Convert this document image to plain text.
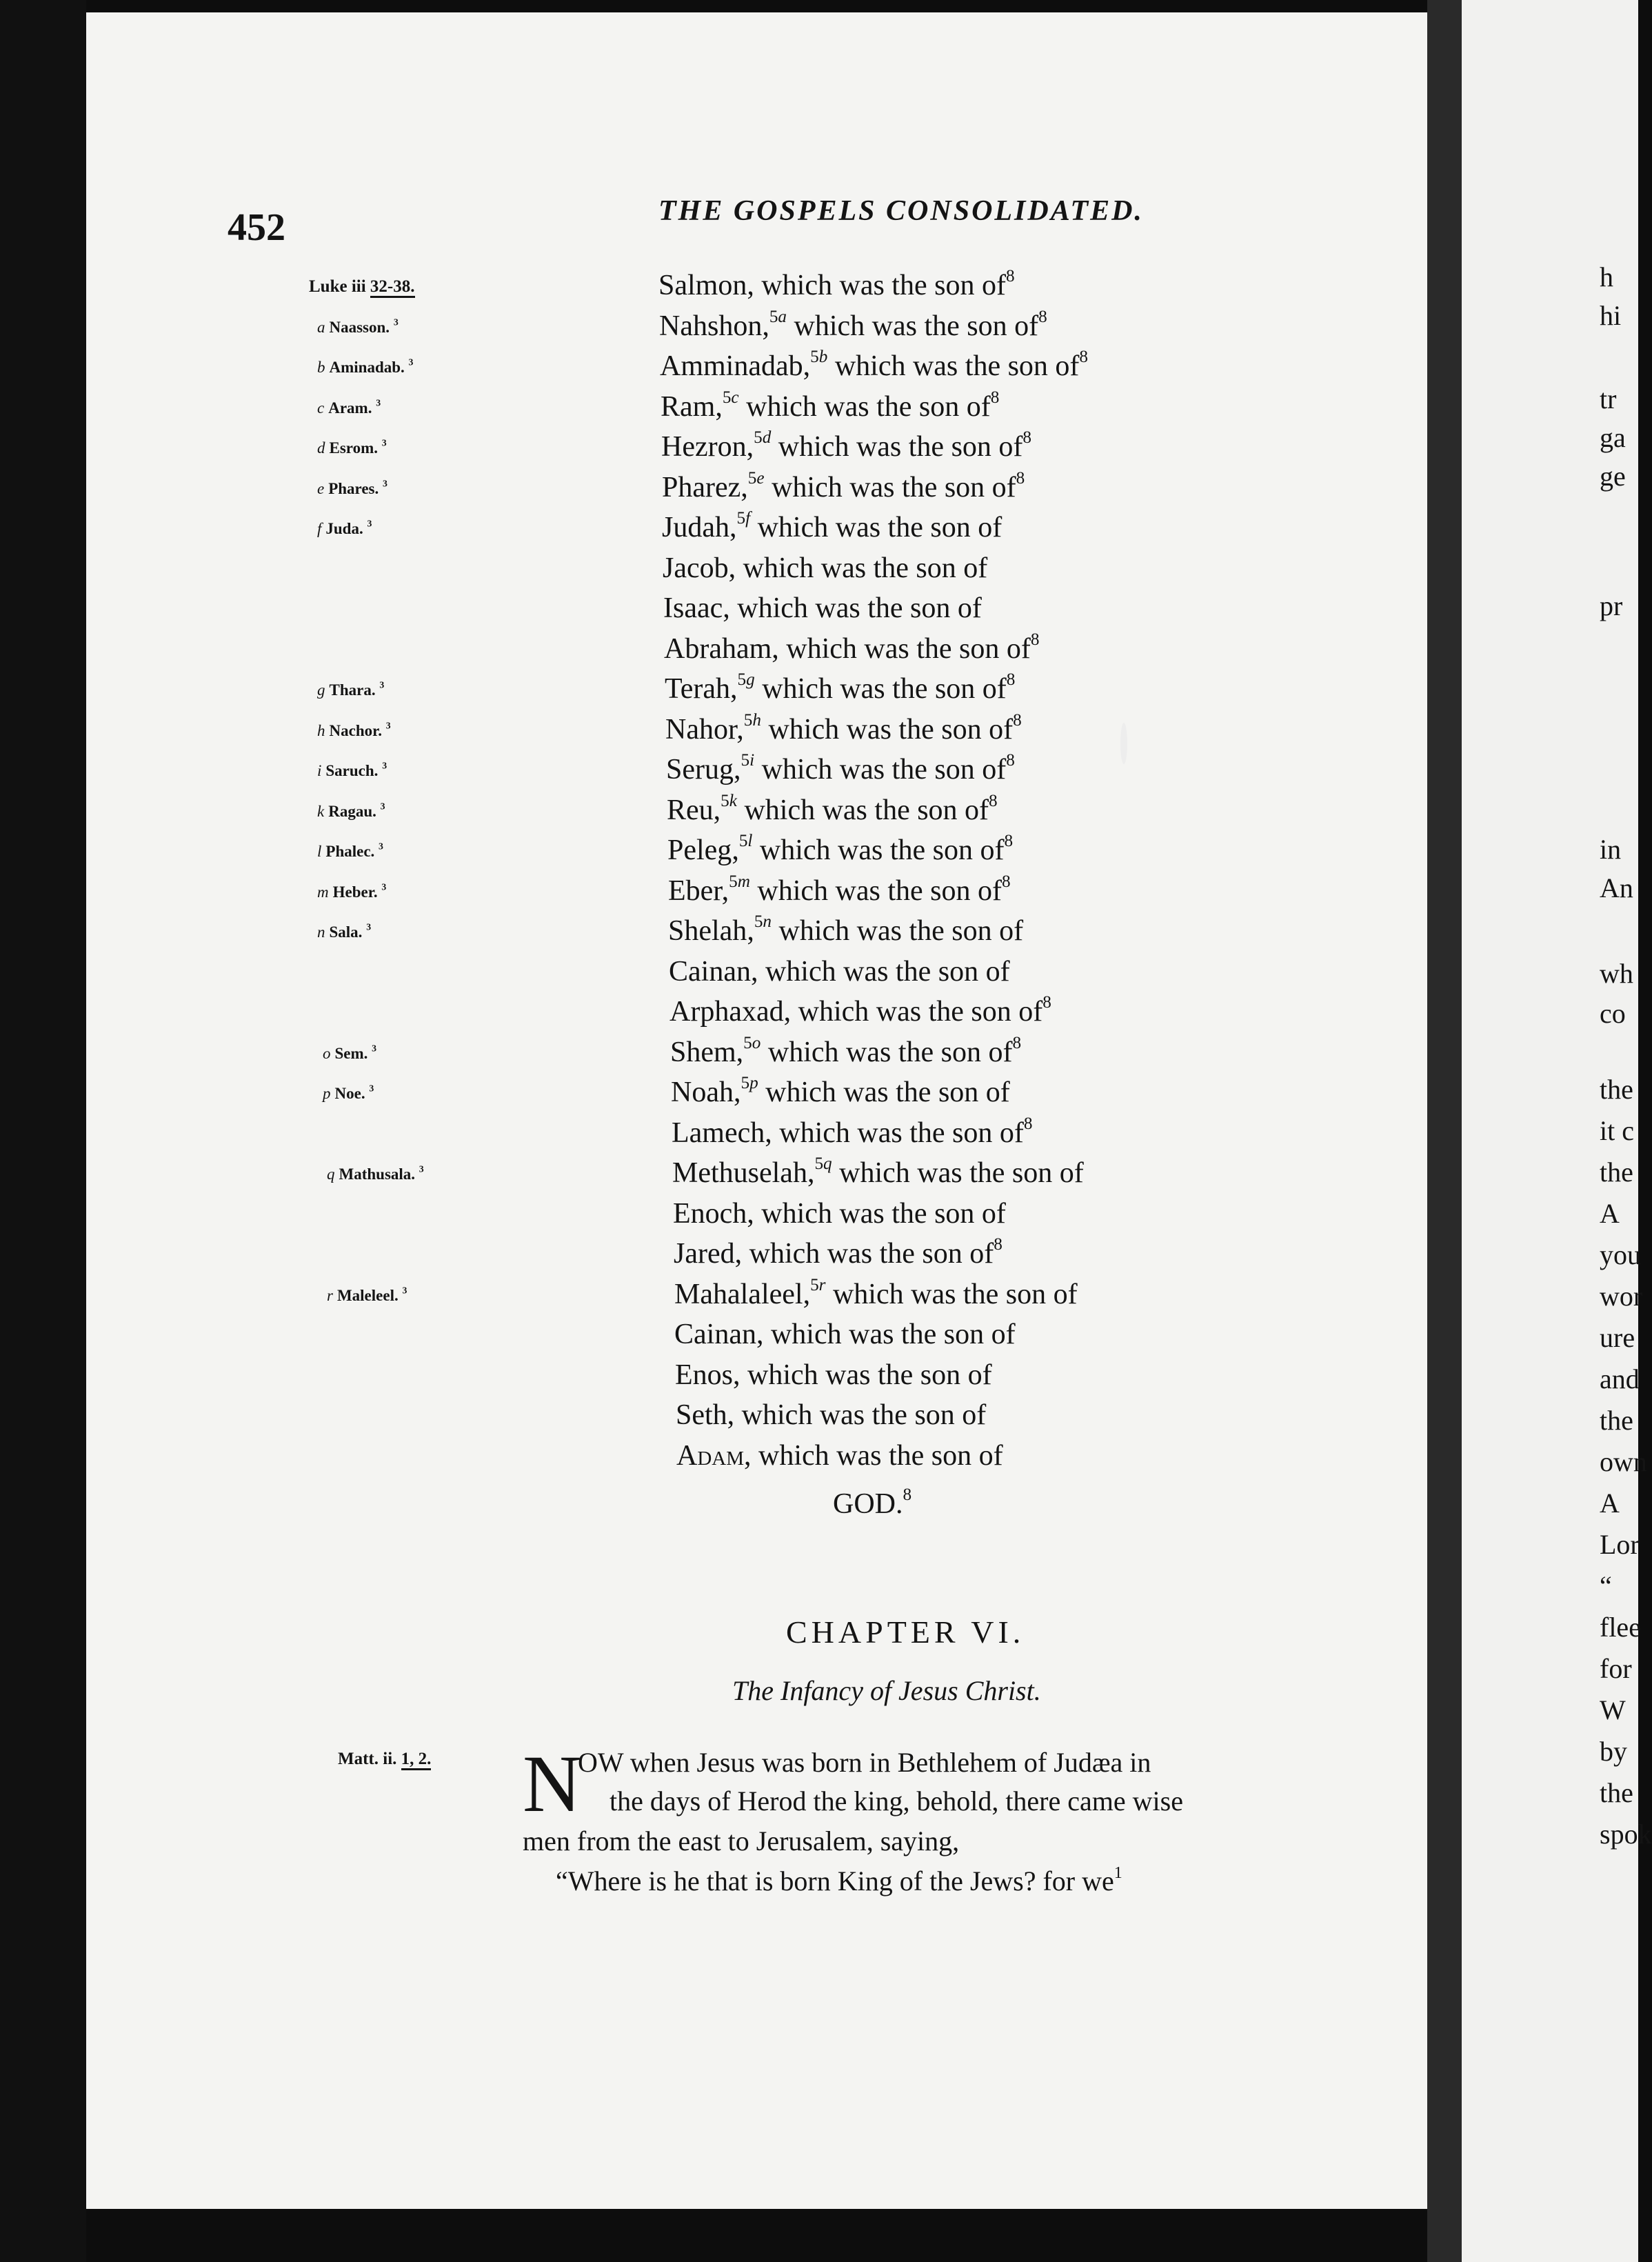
452	THE GOSPELS CONSOLIDATED.
Luke iii 32-38.
a Naasson. $^3$
b Aminadab. $^3$
c Aram. $^3$
d Esrom. $^3$
e Phares. $^3$
f Juda. $^3$
g Thara. $^3$
h Nachor. $^3$
i Saruch. $^3$
k Ragau. $^3$
l Phalec. $^3$
m Heber. $^3$
n Sala. $^3$
o Sem. $^3$
p Noe. $^3$
q Mathusala. $^3$
r Maleleel. $^3$
Salmon, which was the son $of^8$
Nahshon,$^{5a}$ which was the son $of^8$
Amminadab,$^{5b}$ which was the son $of^8$
Ram,$^{5c}$ which was the son $of^8$
Hezron,$^{5d}$ which was the son $of^8$
Pharez,$^{5e}$ which was the son $of^8$
Judah,$^{5f}$ which was the son of
Jacob, which was the son of
Isaac, which was the son of
Abraham, which was the son $of^8$
Terah,$^{5g}$ which was the son $of^8$
Nahor,$^{5h}$ which was the son $of^8$
Serug,$^{5i}$ which was the son $of^8$
Reu,$^{5k}$ which was the son $of^8$
Peleg,$^{5l}$ which was the son $of^8$
Eber,$^{5m}$ which was the son $of^8$
Shelah,$^{5n}$ which was the son of
Cainan, which was the son of
Arphaxad, which was the son $of^8$
Shem,$^{5o}$ which was the son $of^8$
Noah,$^{5p}$ which was the son of
Lamech, which was the son $of^8$
Methuselah,$^{5q}$ which was the son of
Enoch, which was the son of
Jared, which was the son $of^8$
Mahalaleel,$^{5r}$ which was the son of
Cainan, which was the son of
Enos, which was the son of
Seth, which was the son of
Adam, which was the son of
GOD.$^8$
CHAPTER VI.
The Infancy of Jesus Christ.
Matt. ii. 1, 2. N
OW when Jesus was born in Bethlehem of Judæa in
the days of Herod the king, behold, there came wise
men from the east to Jerusalem, saying,
“Where is he that is born King of the Jews? for we$^1$
h
hi
tr
ga
ge
pr
in
An
wh
co
the
it c
the
A
you
wor
ure
and
the
own
A
Lor
“
flee
for
W
by
the
spok
